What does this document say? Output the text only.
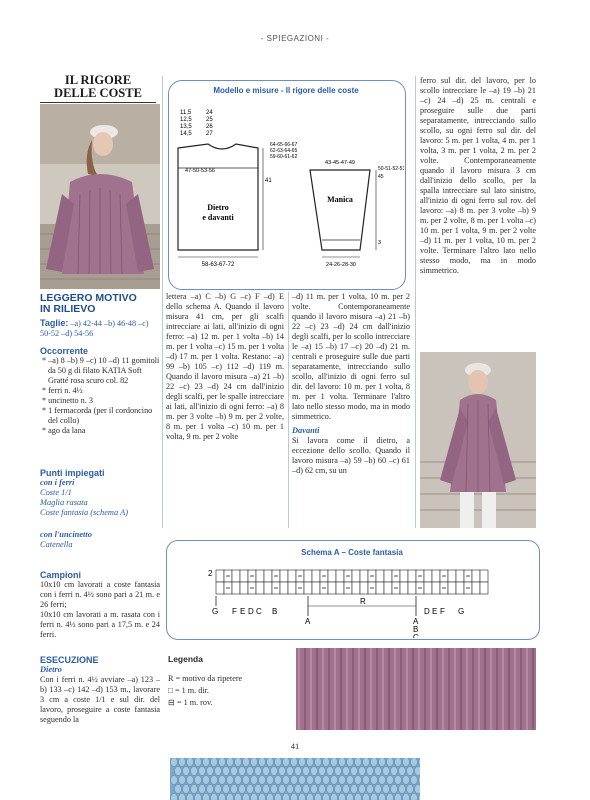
- SPIEGAZIONI -
IL RIGORE
DELLE COSTE
LEGGERO MOTIVO
IN RILIEVO
Taglie: –a) 42-44 –b) 46-48 –c) 50-52 –d) 54-56
Occorrente
* –a) 8 –b) 9 –c) 10 –d) 11 gomitoli da 50 g di filato KATIA Soft Gratté rosa scuro col. 82
* ferri n. 4½
* uncinetto n. 3
* 1 fermacorda (per il cordoncino del collo)
* ago da lana
Punti impiegati
con i ferri
Coste 1/1
Maglia rasata
Coste fantasia (schema A)
con l'uncinetto
Catenella
Campioni
10x10 cm lavorati a coste fantasia con i ferri n. 4½ sono pari a 21 m. e 26 ferri;
10x10 cm lavorati a m. rasata con i ferri n. 4½ sono pari a 17,5 m. e 24 ferri.
ESECUZIONE
Dietro
Con i ferri n. 4½ avviare –a) 123 –b) 133 –c) 142 –d) 153 m., lavorare 3 cm a coste 1/1 e sul dir. del lavoro, proseguire a coste fantasia seguendo la
Modello e misure - Il rigore delle coste
11,5
12,5
13,5
14,5
24
25
26
27
47-50-53-56
Dietro
e davanti
41
58-63-67-72
64-65-66-67
62-63-64-65
59-60-61-62
43-45-47-49
Manica
50-51-52-53
45
3
24-26-28-30
lettera –a) C –b) G –c) F –d) E dello schema A. Quando il lavoro misura 41 cm, per gli scalfi intrecciare ai lati, all'inizio di ogni ferro: –a) 12 m. per 1 volta –b) 14 m. per 1 volta –c) 15 m. per 1 volta –d) 17 m. per 1 volta. Restano: –a) 99 –b) 105 –c) 112 –d) 119 m. Quando il lavoro misura –a) 21 –b) 22 –c) 23 –d) 24 cm dall'inizio degli scalfi, per le spalle intrecciare ai lati, all'inizio di ogni ferro: –a) 8 m. per 3 volte –b) 9 m. per 2 volte, 8 m. per 1 volta –c) 10 m. per 1 volta, 9 m. per 2 volte
–d) 11 m. per 1 volta, 10 m. per 2 volte. Contemporaneamente quando il lavoro misura –a) 21 –b) 22 –c) 23 –d) 24 cm dall'inizio degli scalfi, per lo scollo intrecciare le –a) 15 –b) 17 –c) 20 –d) 21 m. centrali e proseguire sulle due parti separatamente, intrecciando sullo scollo, all'inizio di ogni ferro sul dir. del lavoro: 10 m. per 1 volta, 8 m. per 1 volta. Terminare l'altro lato nello stesso modo, ma in modo simmetrico.
Davanti
Si lavora come il dietro, a eccezione dello scollo. Quando il lavoro misura –a) 59 –b) 60 –c) 61 –d) 62 cm, su un
ferro sul dir. del lavoro, per lo scollo intrecciare le –a) 19 –b) 21 –c) 24 –d) 25 m. centrali e proseguire sulle due parti separatamente, intrecciando sullo scollo, su ogni ferro sul dir. del lavoro: 5 m. per 1 volta, 4 m. per 1 volta, 3 m. per 1 volta, 2 m. per 2 volte. Contemporaneamente quando il lavoro misura 3 cm dall'inizio dello scollo, per la spalla intrecciare sul lato sinistro, all'inizio di ogni ferro sul rov. del lavoro: –a) 8 m. per 3 volte –b) 9 m. per 2 volte, 8 m. per 1 volta –c) 10 m. per 1 volta, 9 m. per 2 volte –d) 11 m. per 1 volta, 10 m. per 2 volte. Terminare l'altro lato nello stesso modo, ma in modo simmetrico.
Schema A – Coste fantasia
2
R
G F E D C B
A	A
B
C
D E F G
Legenda
R = motivo da ripetere
□ = 1 m. dir.
⊟ = 1 m. rov.
41
PassionForum.ru
